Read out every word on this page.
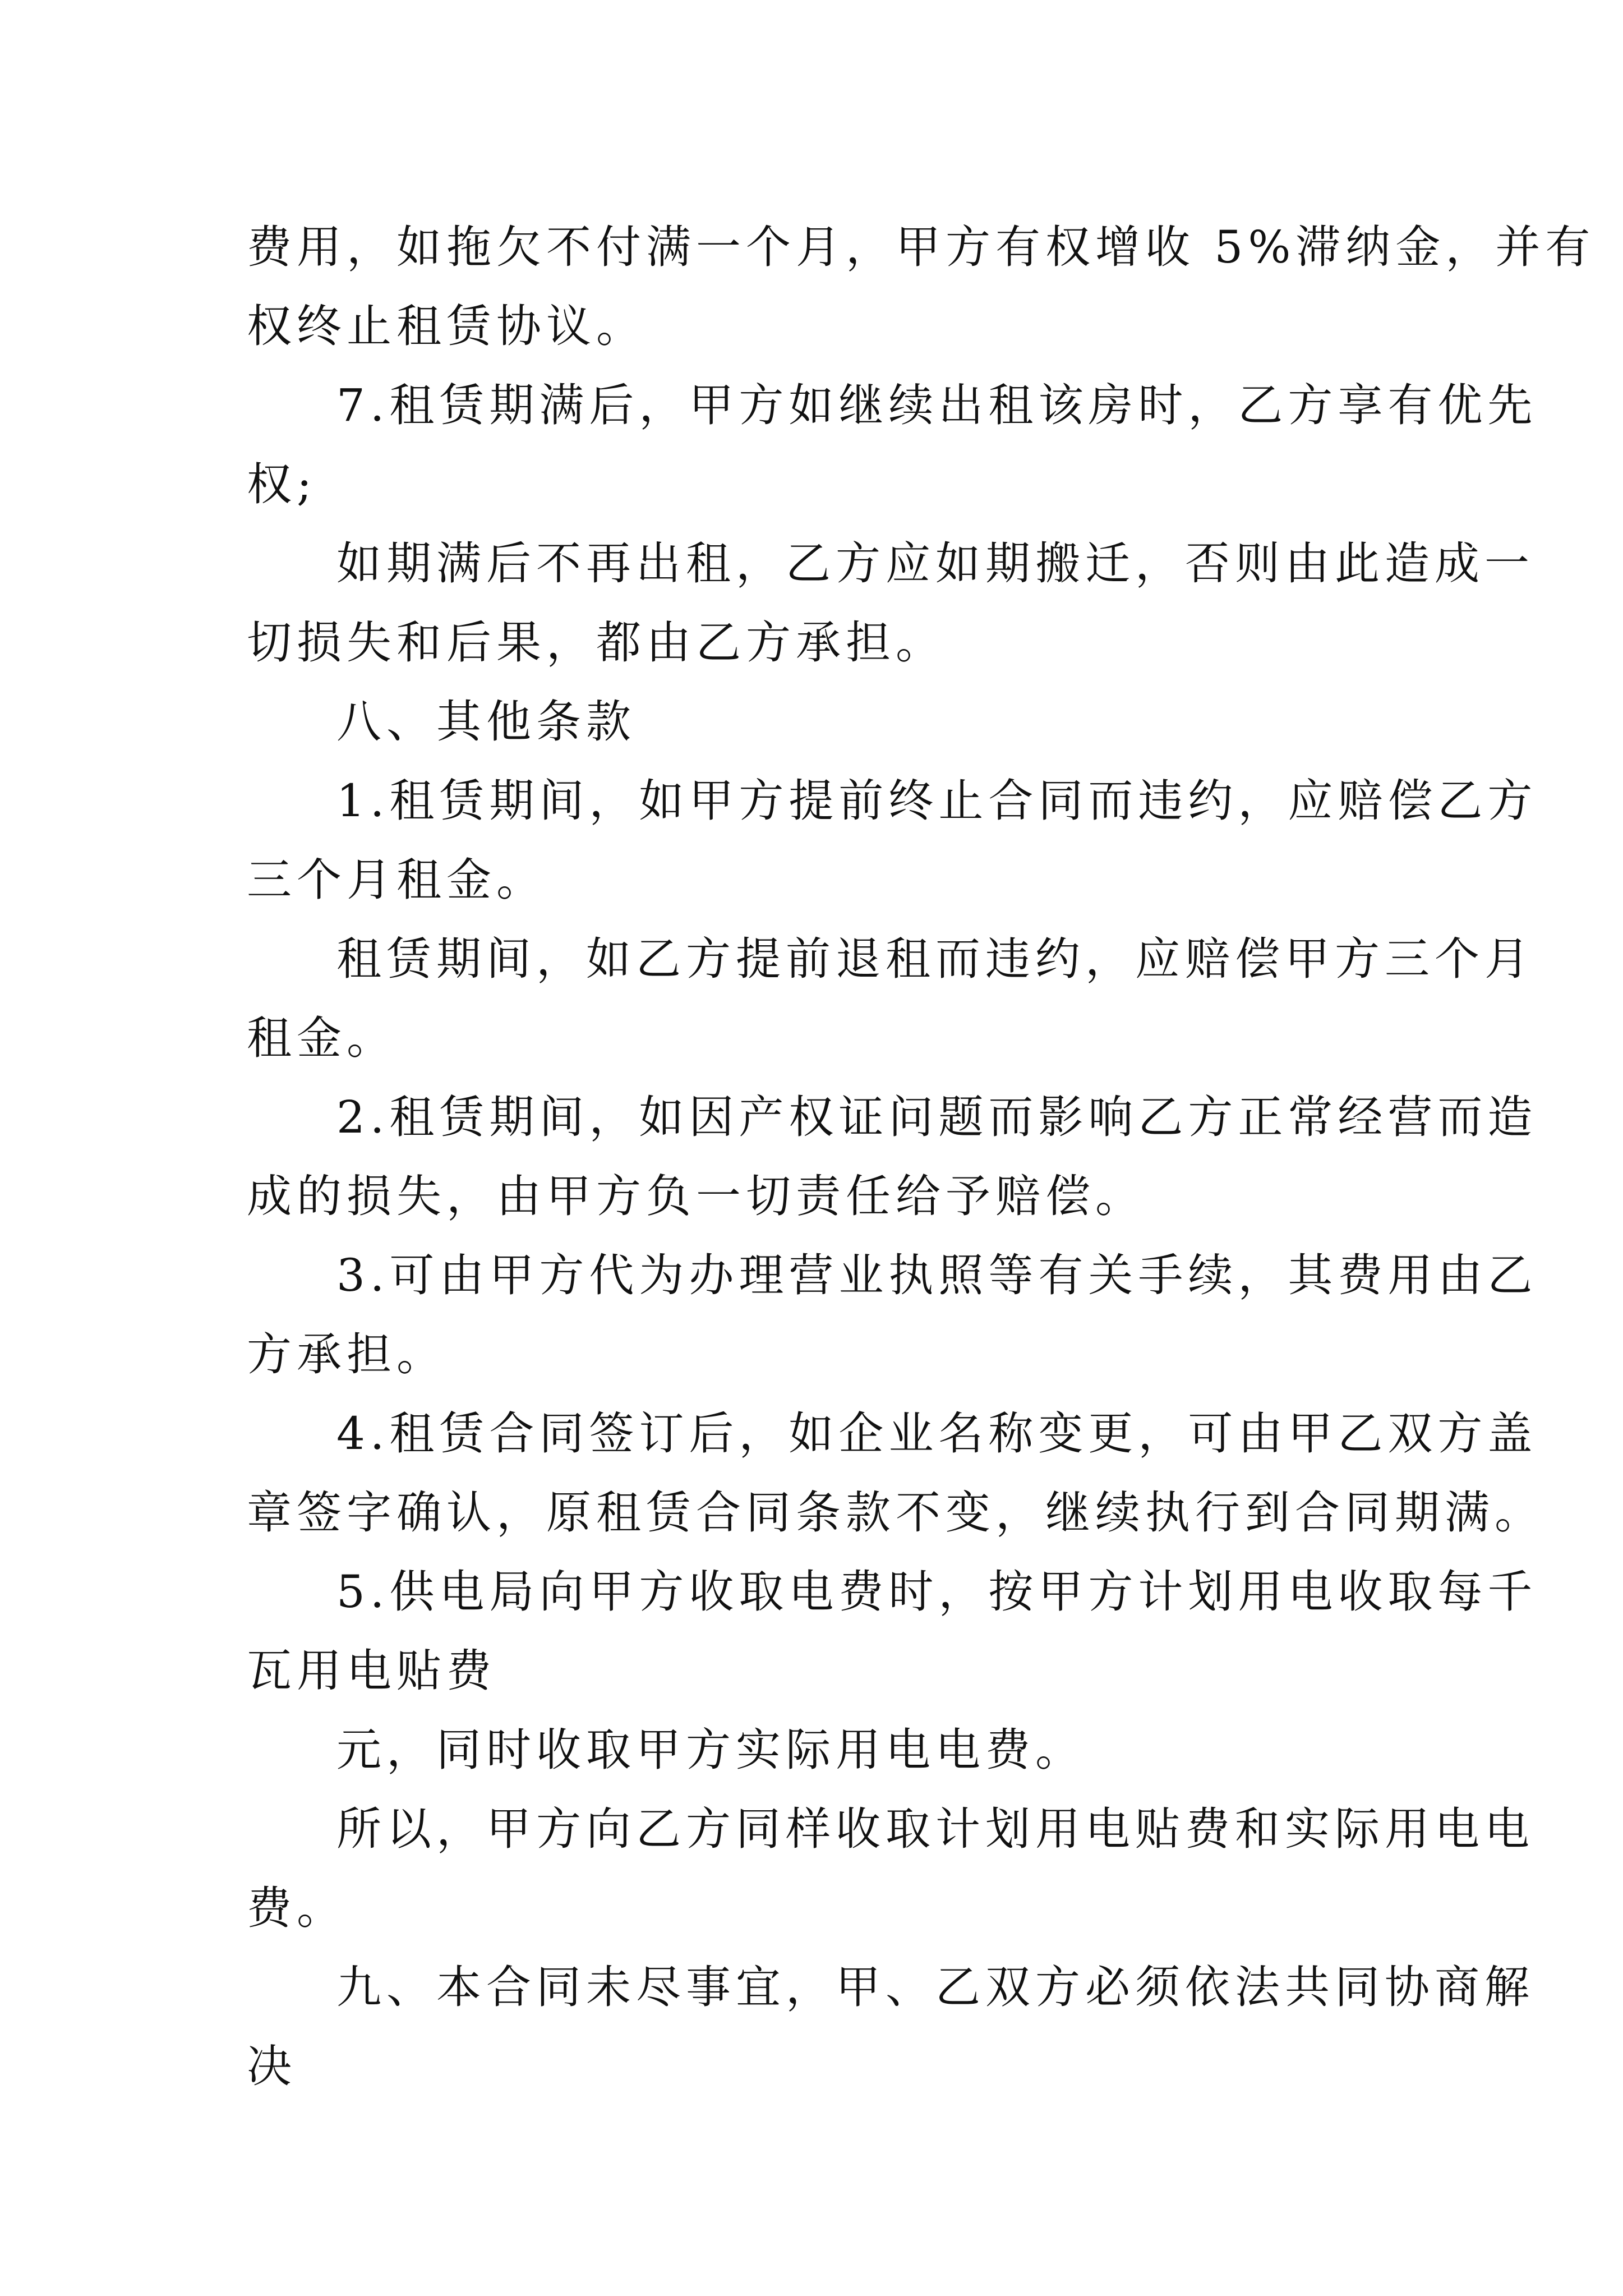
费用，如拖欠不付满一个月，甲方有权增收 5%滞纳金，并有

权终止租赁协议。

7.租赁期满后，甲方如继续出租该房时，乙方享有优先

权;

如期满后不再出租，乙方应如期搬迁，否则由此造成一

切损失和后果，都由乙方承担。

八、其他条款

1.租赁期间，如甲方提前终止合同而违约，应赔偿乙方

三个月租金。

租赁期间，如乙方提前退租而违约，应赔偿甲方三个月

租金。

2.租赁期间，如因产权证问题而影响乙方正常经营而造

成的损失，由甲方负一切责任给予赔偿。

3.可由甲方代为办理营业执照等有关手续，其费用由乙

方承担。

4.租赁合同签订后，如企业名称变更，可由甲乙双方盖

章签字确认，原租赁合同条款不变，继续执行到合同期满。

5.供电局向甲方收取电费时，按甲方计划用电收取每千

瓦用电贴费

元，同时收取甲方实际用电电费。

所以，甲方向乙方同样收取计划用电贴费和实际用电电

费。

九、本合同未尽事宜，甲、乙双方必须依法共同协商解

决
